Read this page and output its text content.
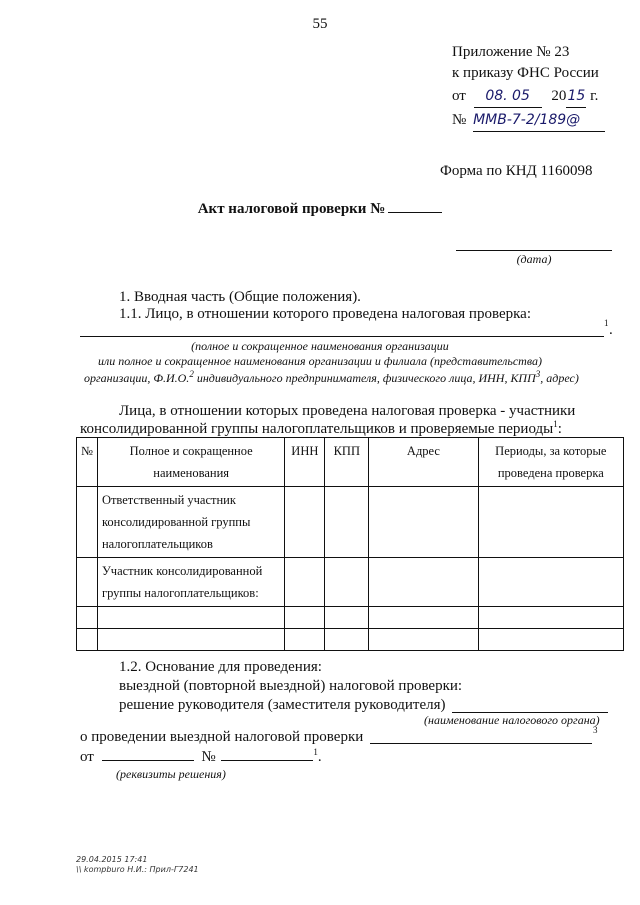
55
Приложение № 23
к приказу ФНС России
от 08. 05 2015 г.
№ ММВ-7-2/189@
Форма по КНД 1160098
Акт налоговой проверки №
(дата)
1. Вводная часть (Общие положения).
1.1. Лицо, в отношении которого проведена налоговая проверка:
1 .
(полное и сокращенное наименования организации
или полное и сокращенное наименования организации и филиала (представительства)
организации, Ф.И.О.$^2$ индивидуального предпринимателя, физического лица, ИНН, КПП$^3$, адрес)
Лица, в отношении которых проведена налоговая проверка - участники
консолидированной группы налогоплательщиков и проверяемые периоды$^1$:
№	Полное и сокращенное наименования	ИНН	КПП	Адрес	Периоды, за которые проведена проверка
	Ответственный участник консолидированной группы налогоплательщиков				
	Участник консолидированной группы налогоплательщиков:				

1.2. Основание для проведения:
выездной (повторной выездной) налоговой проверки:
решение руководителя (заместителя руководителя)
(наименование налогового органа)
3
о проведении выездной налоговой проверки
от	№	$^1$.
(реквизиты решения)
29.04.2015 17:41
\\ kompburo Н.И.: Прил-Г7241
